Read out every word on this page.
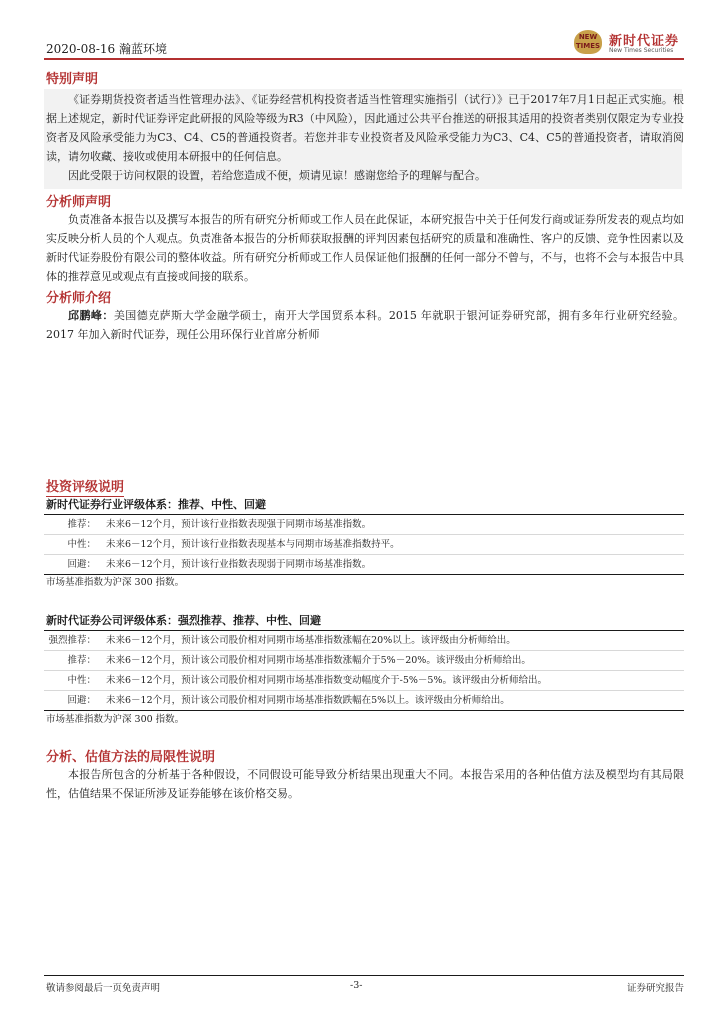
2020-08-16 瀚蓝环境
NEW TIMES 新时代证券
New Times Securities
特别声明
《证券期货投资者适当性管理办法》、《证券经营机构投资者适当性管理实施指引（试行）》已于2017年7月1日起正式实施。根据上述规定，新时代证券评定此研报的风险等级为R3（中风险），因此通过公共平台推送的研报其适用的投资者类别仅限定为专业投资者及风险承受能力为C3、C4、C5的普通投资者。若您并非专业投资者及风险承受能力为C3、C4、C5的普通投资者，请取消阅读，请勿收藏、接收或使用本研报中的任何信息。
因此受限于访问权限的设置，若给您造成不便，烦请见谅！感谢您给予的理解与配合。
分析师声明
负责准备本报告以及撰写本报告的所有研究分析师或工作人员在此保证，本研究报告中关于任何发行商或证券所发表的观点均如实反映分析人员的个人观点。负责准备本报告的分析师获取报酬的评判因素包括研究的质量和准确性、客户的反馈、竞争性因素以及新时代证券股份有限公司的整体收益。所有研究分析师或工作人员保证他们报酬的任何一部分不曾与，不与，也将不会与本报告中具体的推荐意见或观点有直接或间接的联系。
分析师介绍
邱鹏峰：美国德克萨斯大学金融学硕士，南开大学国贸系本科。2015 年就职于银河证券研究部，拥有多年行业研究经验。2017 年加入新时代证券，现任公用环保行业首席分析师
投资评级说明
新时代证券行业评级体系：推荐、中性、回避
推荐： 未来6－12个月，预计该行业指数表现强于同期市场基准指数。
中性： 未来6－12个月，预计该行业指数表现基本与同期市场基准指数持平。
回避： 未来6－12个月，预计该行业指数表现弱于同期市场基准指数。
市场基准指数为沪深 300 指数。
新时代证券公司评级体系：强烈推荐、推荐、中性、回避
强烈推荐： 未来6－12个月，预计该公司股价相对同期市场基准指数涨幅在20%以上。该评级由分析师给出。
推荐： 未来6－12个月，预计该公司股价相对同期市场基准指数涨幅介于5%－20%。该评级由分析师给出。
中性： 未来6－12个月，预计该公司股价相对同期市场基准指数变动幅度介于-5%－5%。该评级由分析师给出。
回避： 未来6－12个月，预计该公司股价相对同期市场基准指数跌幅在5%以上。该评级由分析师给出。
市场基准指数为沪深 300 指数。
分析、估值方法的局限性说明
本报告所包含的分析基于各种假设，不同假设可能导致分析结果出现重大不同。本报告采用的各种估值方法及模型均有其局限性，估值结果不保证所涉及证券能够在该价格交易。
敬请参阅最后一页免责声明	-3-	证券研究报告
